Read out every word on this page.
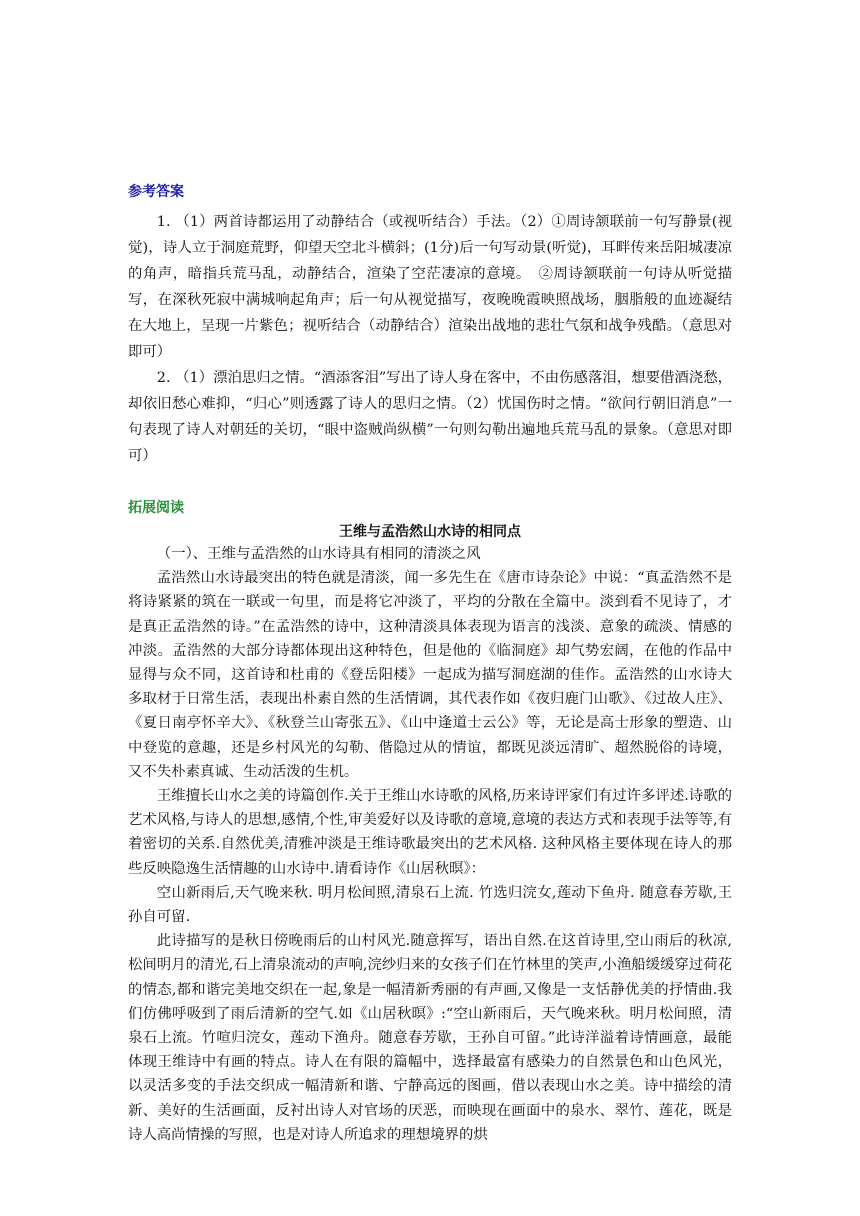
参考答案

1. （1）两首诗都运用了动静结合（或视听结合）手法。（2）①周诗颔联前一句写静景(视觉)，诗人立于洞庭荒野，仰望天空北斗横斜；(1分)后一句写动景(听觉)，耳畔传来岳阳城凄凉的角声，暗指兵荒马乱，动静结合，渲染了空茫凄凉的意境。　②周诗颔联前一句诗从听觉描写，在深秋死寂中满城响起角声；后一句从视觉描写，夜晚晚霞映照战场，胭脂般的血迹凝结在大地上，呈现一片紫色；视听结合（动静结合）渲染出战地的悲壮气氛和战争残酷。（意思对即可）

2. （1）漂泊思归之情。“酒添客泪”写出了诗人身在客中，不由伤感落泪，想要借酒浇愁，却依旧愁心难抑，“归心”则透露了诗人的思归之情。（2）忧国伤时之情。“欲问行朝旧消息”一句表现了诗人对朝廷的关切，“眼中盗贼尚纵横”一句则勾勒出遍地兵荒马乱的景象。（意思对即可）

拓展阅读

王维与孟浩然山水诗的相同点

（一）、王维与孟浩然的山水诗具有相同的清淡之风

孟浩然山水诗最突出的特色就是清淡，闻一多先生在《唐市诗杂论》中说：“真孟浩然不是将诗紧紧的筑在一联或一句里，而是将它冲淡了，平均的分散在全篇中。淡到看不见诗了，才是真正孟浩然的诗。”在孟浩然的诗中，这种清淡具体表现为语言的浅淡、意象的疏淡、情感的冲淡。孟浩然的大部分诗都体现出这种特色，但是他的《临洞庭》却气势宏阔，在他的作品中显得与众不同，这首诗和杜甫的《登岳阳楼》一起成为描写洞庭湖的佳作。孟浩然的山水诗大多取材于日常生活，表现出朴素自然的生活情调，其代表作如《夜归鹿门山歌》、《过故人庄》、《夏日南亭怀辛大》、《秋登兰山寄张五》、《山中逢道士云公》等，无论是高士形象的塑造、山中登览的意趣，还是乡村风光的勾勒、偕隐过从的情谊，都既见淡远清旷、超然脱俗的诗境，又不失朴素真诚、生动活泼的生机。

王维擅长山水之美的诗篇创作.关于王维山水诗歌的风格,历来诗评家们有过许多评述.诗歌的艺术风格,与诗人的思想,感情,个性,审美爱好以及诗歌的意境,意境的表达方式和表现手法等等,有着密切的关系.自然优美,清雅冲淡是王维诗歌最突出的艺术风格. 这种风格主要体现在诗人的那些反映隐逸生活情趣的山水诗中.请看诗作《山居秋暝》：

空山新雨后,天气晚来秋. 明月松间照,清泉石上流. 竹选归浣女,莲动下鱼舟. 随意春芳歇,王孙自可留.

此诗描写的是秋日傍晚雨后的山村风光.随意挥写，语出自然.在这首诗里,空山雨后的秋凉,松间明月的清光,石上清泉流动的声响,浣纱归来的女孩子们在竹林里的笑声,小渔船缓缓穿过荷花的情态,都和谐完美地交织在一起,象是一幅清新秀丽的有声画,又像是一支恬静优美的抒情曲.我们仿佛呼吸到了雨后清新的空气.如《山居秋暝》:“空山新雨后，天气晚来秋。明月松间照，清泉石上流。竹喧归浣女，莲动下渔舟。随意春芳歇，王孙自可留。”此诗洋溢着诗情画意，最能体现王维诗中有画的特点。诗人在有限的篇幅中，选择最富有感染力的自然景色和山色风光，以灵活多变的手法交织成一幅清新和谐、宁静高远的图画，借以表现山水之美。诗中描绘的清新、美好的生活画面，反衬出诗人对官场的厌恶，而映现在画面中的泉水、翠竹、莲花，既是诗人高尚情操的写照，也是对诗人所追求的理想境界的烘
